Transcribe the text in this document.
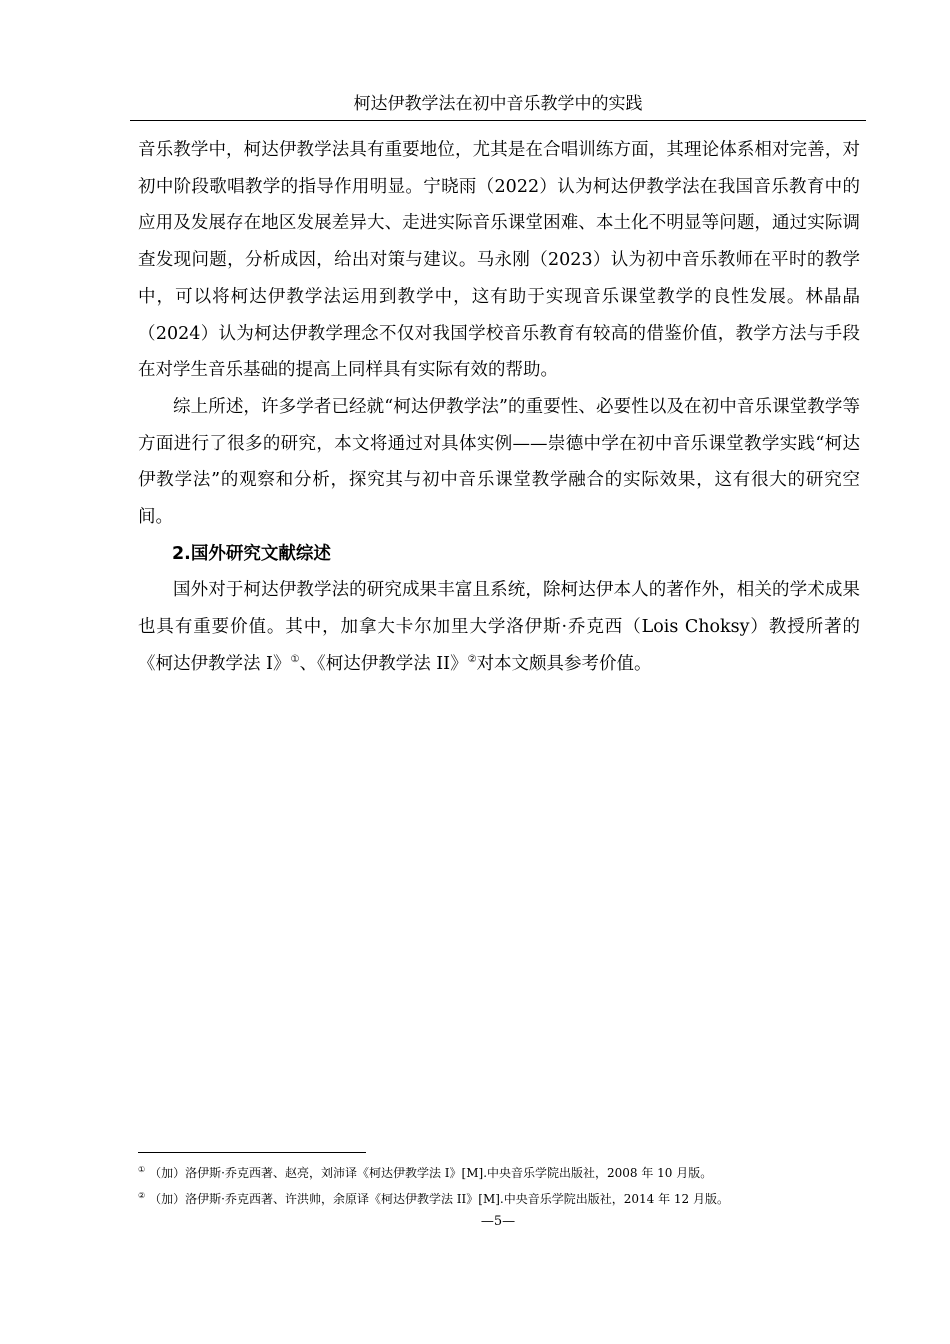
柯达伊教学法在初中音乐教学中的实践

音乐教学中，柯达伊教学法具有重要地位，尤其是在合唱训练方面，其理论体系相对完善，对初中阶段歌唱教学的指导作用明显。宁晓雨（2022）认为柯达伊教学法在我国音乐教育中的应用及发展存在地区发展差异大、走进实际音乐课堂困难、本土化不明显等问题，通过实际调查发现问题，分析成因，给出对策与建议。马永刚（2023）认为初中音乐教师在平时的教学中，可以将柯达伊教学法运用到教学中，这有助于实现音乐课堂教学的良性发展。林晶晶（2024）认为柯达伊教学理念不仅对我国学校音乐教育有较高的借鉴价值，教学方法与手段在对学生音乐基础的提高上同样具有实际有效的帮助。

综上所述，许多学者已经就“柯达伊教学法”的重要性、必要性以及在初中音乐课堂教学等方面进行了很多的研究，本文将通过对具体实例——崇德中学在初中音乐课堂教学实践“柯达伊教学法”的观察和分析，探究其与初中音乐课堂教学融合的实际效果，这有很大的研究空间。

2.国外研究文献综述

国外对于柯达伊教学法的研究成果丰富且系统，除柯达伊本人的著作外，相关的学术成果也具有重要价值。其中，加拿大卡尔加里大学洛伊斯·乔克西（Lois Choksy）教授所著的《柯达伊教学法 I》①、《柯达伊教学法 II》②对本文颇具参考价值。

① （加）洛伊斯·乔克西著、赵亮，刘沛译《柯达伊教学法 I》[M].中央音乐学院出版社，2008 年 10 月版。

② （加）洛伊斯·乔克西著、许洪帅，余原译《柯达伊教学法 II》[M].中央音乐学院出版社，2014 年 12 月版。

—5—
